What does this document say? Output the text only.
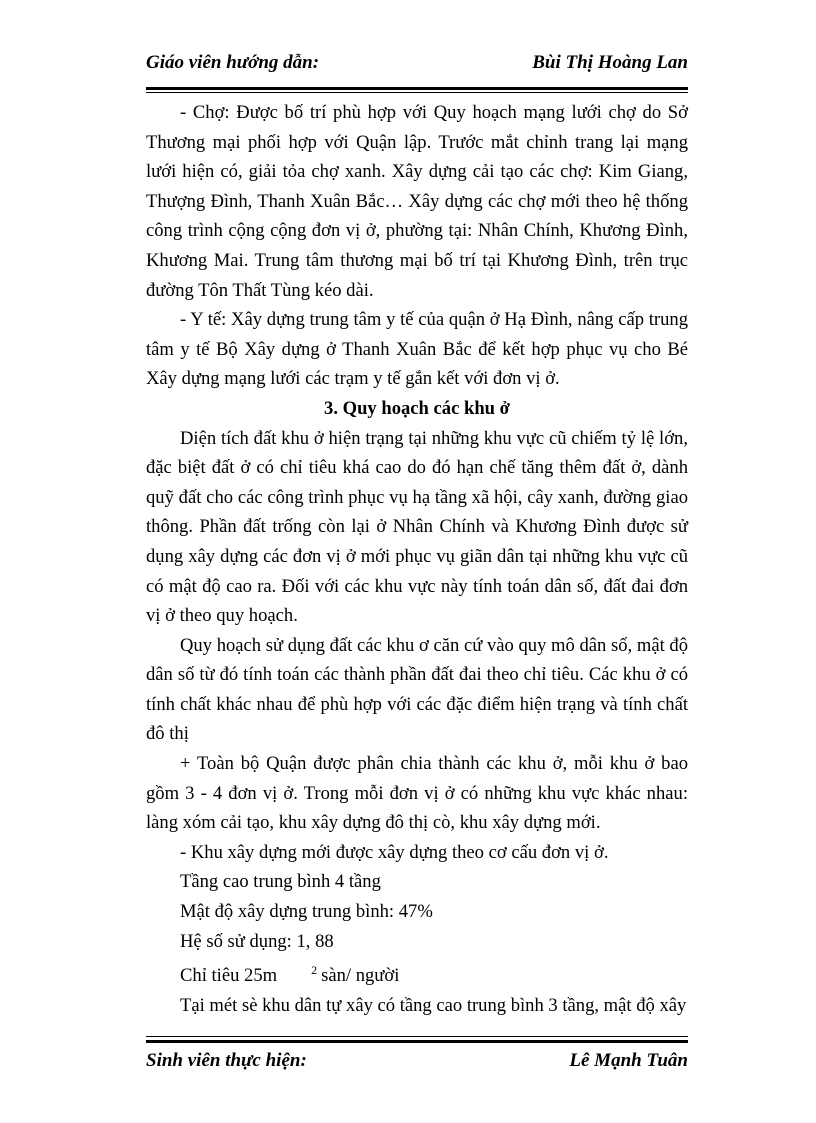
Giáo viên hướng dẫn:	Bùi Thị Hoàng Lan

- Chợ: Được bố trí phù hợp với Quy hoạch mạng lưới chợ do Sở Thương mại phối hợp với Quận lập. Trước mắt chỉnh trang lại mạng lưới hiện có, giải tỏa chợ xanh. Xây dựng cải tạo các chợ: Kim Giang, Thượng Đình, Thanh Xuân Bắc… Xây dựng các chợ mới theo hệ thống công trình cộng cộng đơn vị ở, phường tại: Nhân Chính, Khương Đình, Khương Mai. Trung tâm thương mại bố trí tại Khương Đình, trên trục đường Tôn Thất Tùng kéo dài.

- Y tế: Xây dựng trung tâm y tế của quận ở Hạ Đình, nâng cấp trung tâm y tế Bộ Xây dựng ở Thanh Xuân Bắc để kết hợp phục vụ cho Bé Xây dựng mạng lưới các trạm y tế gắn kết với đơn vị ở.

3. Quy hoạch các khu ở

Diện tích đất khu ở hiện trạng tại những khu vực cũ chiếm tỷ lệ lớn, đặc biệt đất ở có chỉ tiêu khá cao do đó hạn chế tăng thêm đất ở, dành quỹ đất cho các công trình phục vụ hạ tầng xã hội, cây xanh, đường giao thông. Phần đất trống còn lại ở Nhân Chính và Khương Đình được sử dụng xây dựng các đơn vị ở mới phục vụ giãn dân tại những khu vực cũ có mật độ cao ra. Đối với các khu vực này tính toán dân số, đất đai đơn vị ở theo quy hoạch.

Quy hoạch sử dụng đất các khu ơ căn cứ vào quy mô dân số, mật độ dân số từ đó tính toán các thành phần đất đai theo chỉ tiêu. Các khu ở có tính chất khác nhau để phù hợp với các đặc điểm hiện trạng và tính chất đô thị

+ Toàn bộ Quận được phân chia thành các khu ở, mỗi khu ở bao gồm 3 - 4 đơn vị ở. Trong mỗi đơn vị ở có những khu vực khác nhau: làng xóm cải tạo, khu xây dựng đô thị cò, khu xây dựng mới.

- Khu xây dựng mới được xây dựng theo cơ cấu đơn vị ở.

Tầng cao trung bình 4 tầng

Mật độ xây dựng trung bình: 47%

Hệ số sử dụng: 1, 88

Chỉ tiêu 25m	$^2$ sàn/ người

Tại mét sè khu dân tự xây có tầng cao trung bình 3 tầng, mật độ xây

Sinh viên thực hiện:	Lê Mạnh Tuân
